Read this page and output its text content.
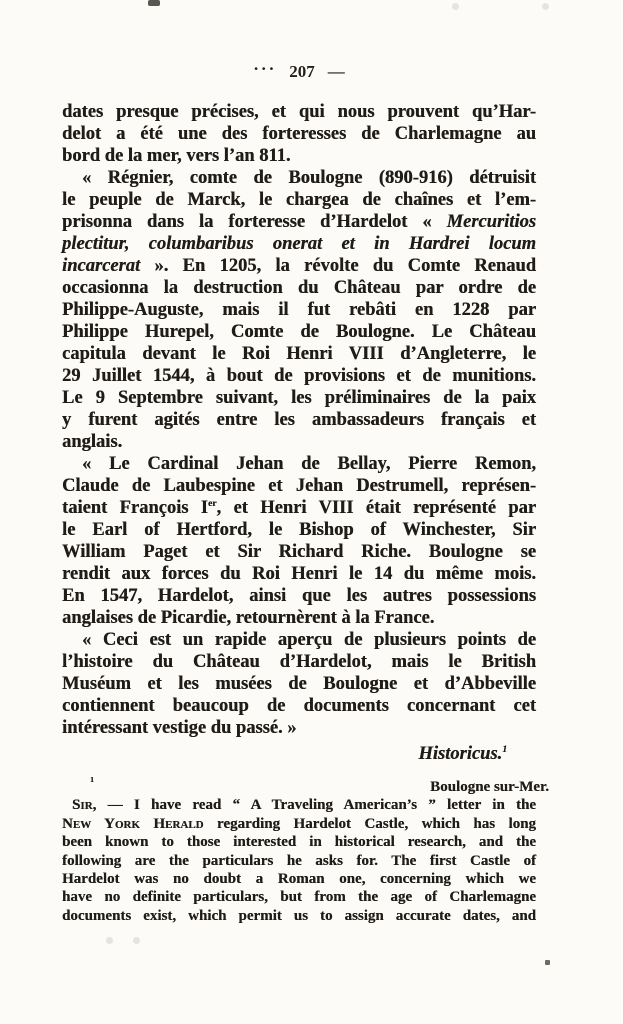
··· 207 —
dates presque précises, et qui nous prouvent qu’Har-
delot a été une des forteresses de Charlemagne au
bord de la mer, vers l’an 811.
« Régnier, comte de Boulogne (890-916) détruisit
le peuple de Marck, le chargea de chaînes et l’em-
prisonna dans la forteresse d’Hardelot « Mercuritios
plectitur, columbaribus onerat et in Hardrei locum
incarcerat ». En 1205, la révolte du Comte Renaud
occasionna la destruction du Château par ordre de
Philippe-Auguste, mais il fut rebâti en 1228 par
Philippe Hurepel, Comte de Boulogne. Le Château
capitula devant le Roi Henri VIII d’Angleterre, le
29 Juillet 1544, à bout de provisions et de munitions.
Le 9 Septembre suivant, les préliminaires de la paix
y furent agités entre les ambassadeurs français et
anglais.
« Le Cardinal Jehan de Bellay, Pierre Remon,
Claude de Laubespine et Jehan Destrumell, représen-
taient François Ier, et Henri VIII était représenté par
le Earl of Hertford, le Bishop of Winchester, Sir
William Paget et Sir Richard Riche. Boulogne se
rendit aux forces du Roi Henri le 14 du même mois.
En 1547, Hardelot, ainsi que les autres possessions
anglaises de Picardie, retournèrent à la France.
« Ceci est un rapide aperçu de plusieurs points de
l’histoire du Château d’Hardelot, mais le British
Muséum et les musées de Boulogne et d’Abbeville
contiennent beaucoup de documents concernant cet
intéressant vestige du passé. »
Historicus.$^1$
1	Boulogne sur-Mer.
Sir, — I have read “ A Traveling American’s ” letter in the
New York Herald regarding Hardelot Castle, which has long
been known to those interested in historical research, and the
following are the particulars he asks for. The first Castle of
Hardelot was no doubt a Roman one, concerning which we
have no definite particulars, but from the age of Charlemagne
documents exist, which permit us to assign accurate dates, and
